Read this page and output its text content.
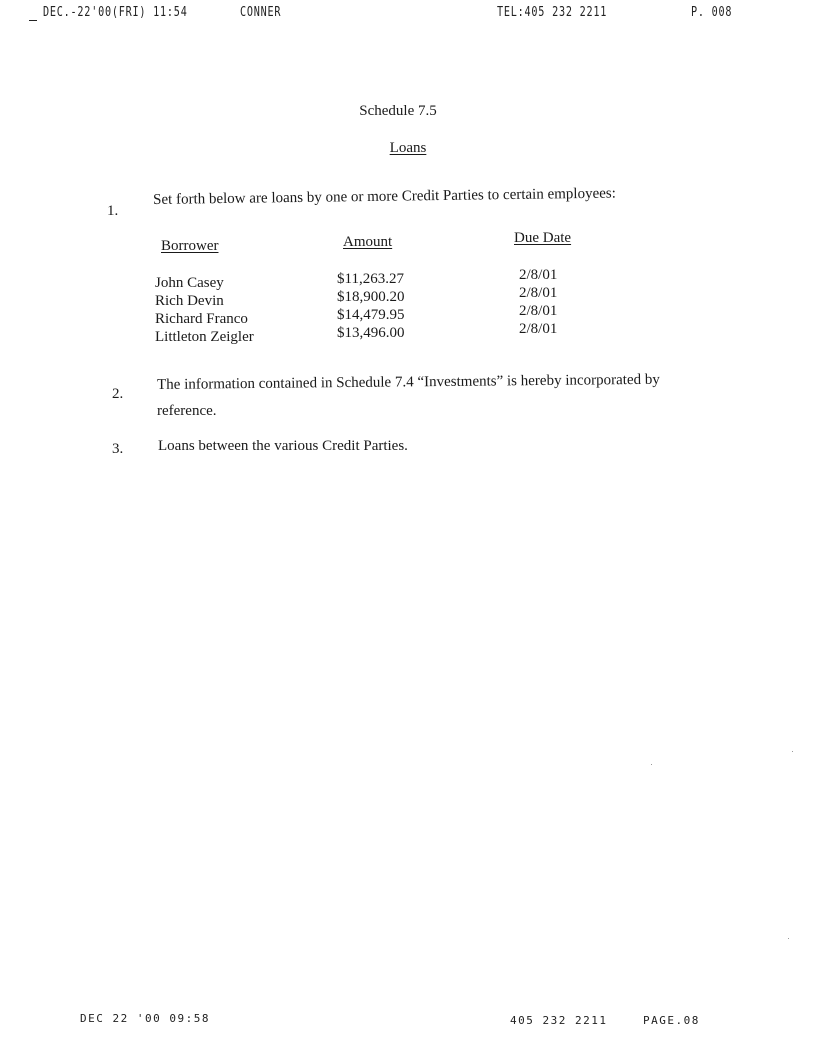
DEC.-22'00(FRI) 11:54	CONNER	TEL:405 232 2211	P. 008
Schedule 7.5
Loans
1.
Set forth below are loans by one or more Credit Parties to certain employees:
Borrower	Amount	Due Date
John Casey	$11,263.27	2/8/01
Rich Devin	$18,900.20	2/8/01
Richard Franco	$14,479.95	2/8/01
Littleton Zeigler	$13,496.00	2/8/01
2.
The information contained in Schedule 7.4 “Investments” is hereby incorporated by
reference.
3. Loans between the various Credit Parties.
DEC 22 '00 09:58	405 232 2211	PAGE.08
